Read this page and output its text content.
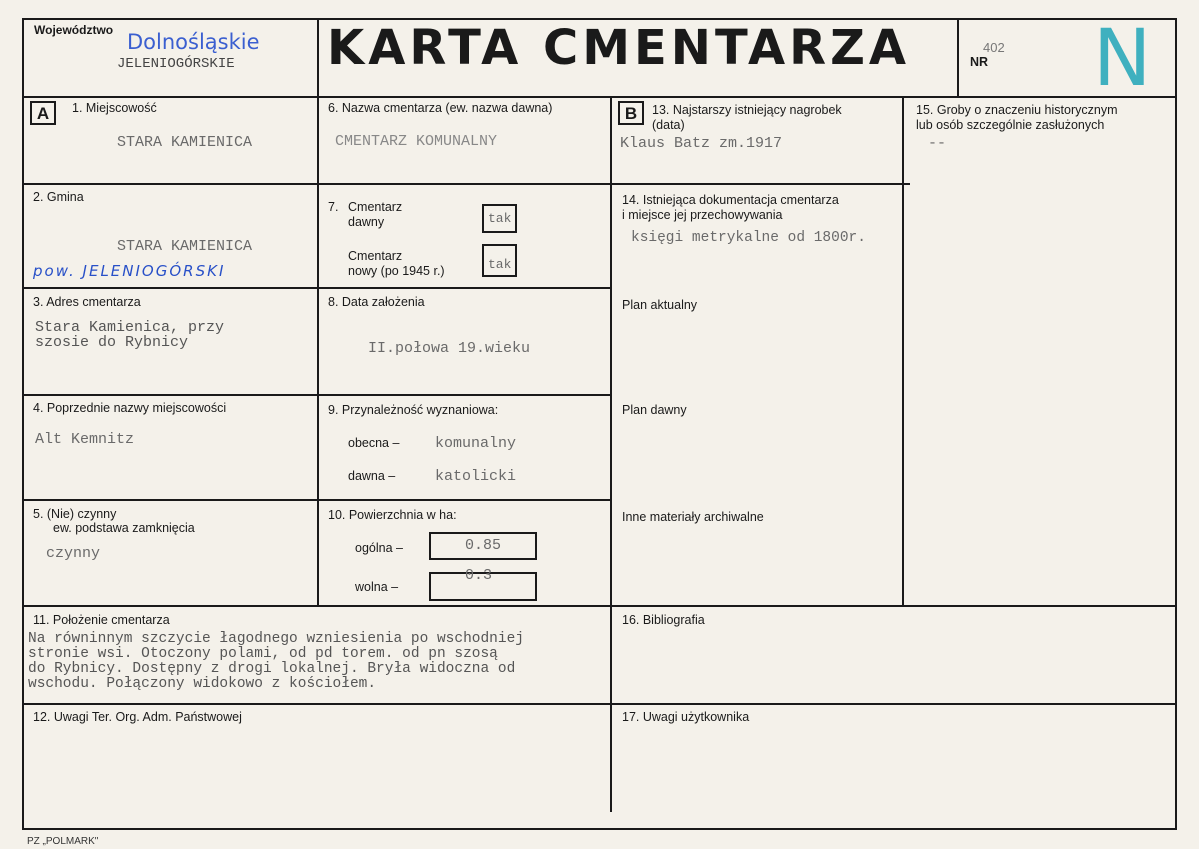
Województwo Dolnośląskie
JELENIOGÓRSKIE KARTA CMENTARZA	NR
402 N
A	B
1. Miejscowość
STARA KAMIENICA
2. Gmina
STARA KAMIENICA
pow. JELENIOGÓRSKI
3. Adres cmentarza
Stara Kamienica, przy
szosie do Rybnicy
4. Poprzednie nazwy miejscowości
Alt Kemnitz
5. (Nie) czynny
ew. podstawa zamknięcia
czynny
6. Nazwa cmentarza (ew. nazwa dawna)
CMENTARZ KOMUNALNY
7. Cmentarz
dawny	tak
Cmentarz
nowy (po 1945 r.)	tak
8. Data założenia
II.połowa 19.wieku
9. Przynależność wyznaniowa:
obecna – komunalny
dawna –	katolicki
10. Powierzchnia w ha:
ogólna –	0.85
wolna –
0.3
13. Najstarszy istniejący nagrobek
(data)
Klaus Batz zm.1917
14. Istniejąca dokumentacja cmentarza
i miejsce jej przechowywania
księgi metrykalne od 1800r.
Plan aktualny
Plan dawny
Inne materiały archiwalne
15. Groby o znaczeniu historycznym
lub osób szczególnie zasłużonych
--
11. Położenie cmentarza
Na równinnym szczycie łagodnego wzniesienia po wschodniej
stronie wsi. Otoczony polami, od pd torem. od pn szosą
do Rybnicy. Dostępny z drogi lokalnej. Bryła widoczna od
wschodu. Połączony widokowo z kościołem.
16. Bibliografia
12. Uwagi Ter. Org. Adm. Państwowej	17. Uwagi użytkownika
PZ „POLMARK"
